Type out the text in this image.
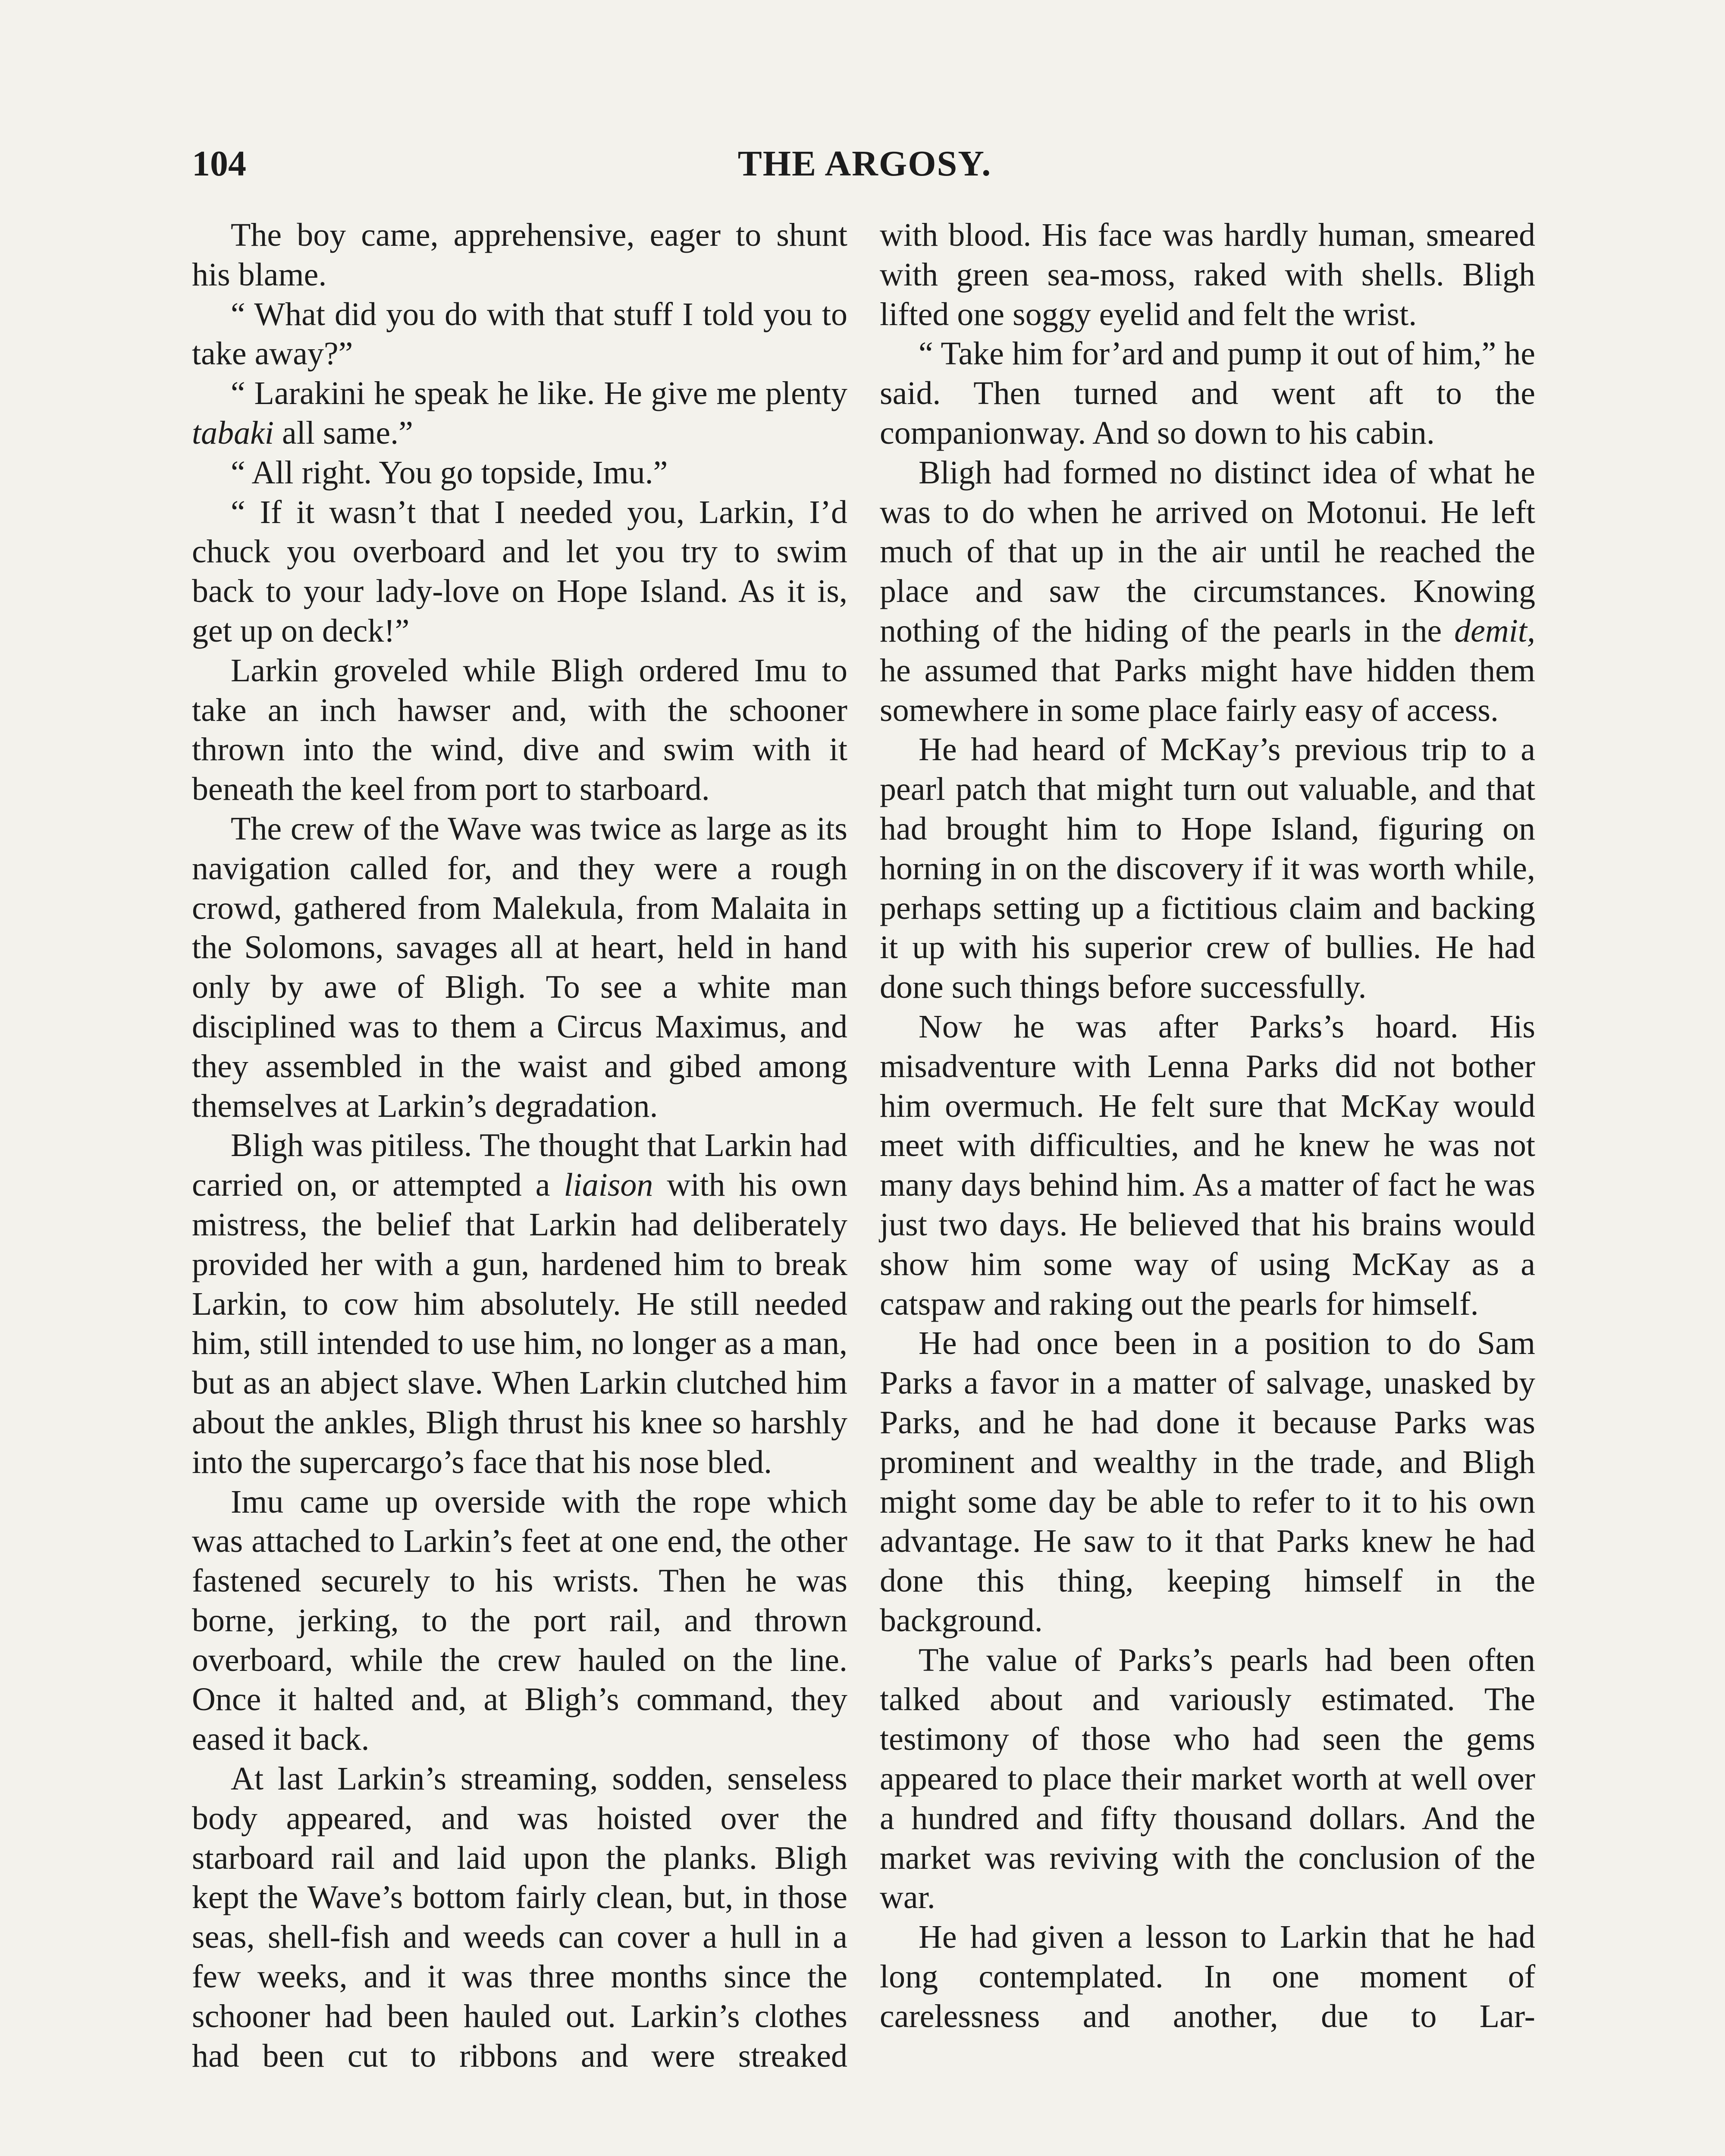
104	THE ARGOSY.

The boy came, apprehensive, eager to shunt his blame.

“ What did you do with that stuff I told you to take away?”

“ Larakini he speak he like. He give me plenty tabaki all same.”

“ All right. You go topside, Imu.”

“ If it wasn’t that I needed you, Larkin, I’d chuck you overboard and let you try to swim back to your lady-love on Hope Island. As it is, get up on deck!”

Larkin groveled while Bligh ordered Imu to take an inch hawser and, with the schooner thrown into the wind, dive and swim with it beneath the keel from port to starboard.

The crew of the Wave was twice as large as its navigation called for, and they were a rough crowd, gathered from Malekula, from Malaita in the Solomons, savages all at heart, held in hand only by awe of Bligh. To see a white man disciplined was to them a Circus Maximus, and they assembled in the waist and gibed among themselves at Larkin’s degradation.

Bligh was pitiless. The thought that Larkin had carried on, or attempted a liaison with his own mistress, the belief that Larkin had deliberately provided her with a gun, hardened him to break Larkin, to cow him absolutely. He still needed him, still intended to use him, no longer as a man, but as an abject slave. When Larkin clutched him about the ankles, Bligh thrust his knee so harshly into the supercargo’s face that his nose bled.

Imu came up overside with the rope which was attached to Larkin’s feet at one end, the other fastened securely to his wrists. Then he was borne, jerking, to the port rail, and thrown overboard, while the crew hauled on the line. Once it halted and, at Bligh’s command, they eased it back.

At last Larkin’s streaming, sodden, senseless body appeared, and was hoisted over the starboard rail and laid upon the planks. Bligh kept the Wave’s bottom fairly clean, but, in those seas, shell-fish and weeds can cover a hull in a few weeks, and it was three months since the schooner had been hauled out. Larkin’s clothes had been cut to ribbons and were streaked

with blood. His face was hardly human, smeared with green sea-moss, raked with shells. Bligh lifted one soggy eyelid and felt the wrist.

“ Take him for’ard and pump it out of him,” he said. Then turned and went aft to the companionway. And so down to his cabin.

Bligh had formed no distinct idea of what he was to do when he arrived on Motonui. He left much of that up in the air until he reached the place and saw the circumstances. Knowing nothing of the hiding of the pearls in the demit, he assumed that Parks might have hidden them somewhere in some place fairly easy of access.

He had heard of McKay’s previous trip to a pearl patch that might turn out valuable, and that had brought him to Hope Island, figuring on horning in on the discovery if it was worth while, perhaps setting up a fictitious claim and backing it up with his superior crew of bullies. He had done such things before successfully.

Now he was after Parks’s hoard. His misadventure with Lenna Parks did not bother him overmuch. He felt sure that McKay would meet with difficulties, and he knew he was not many days behind him. As a matter of fact he was just two days. He believed that his brains would show him some way of using McKay as a catspaw and raking out the pearls for himself.

He had once been in a position to do Sam Parks a favor in a matter of salvage, unasked by Parks, and he had done it because Parks was prominent and wealthy in the trade, and Bligh might some day be able to refer to it to his own advantage. He saw to it that Parks knew he had done this thing, keeping himself in the background.

The value of Parks’s pearls had been often talked about and variously estimated. The testimony of those who had seen the gems appeared to place their market worth at well over a hundred and fifty thousand dollars. And the market was reviving with the conclusion of the war.

He had given a lesson to Larkin that he had long contemplated. In one moment of carelessness and another, due to Lar-
